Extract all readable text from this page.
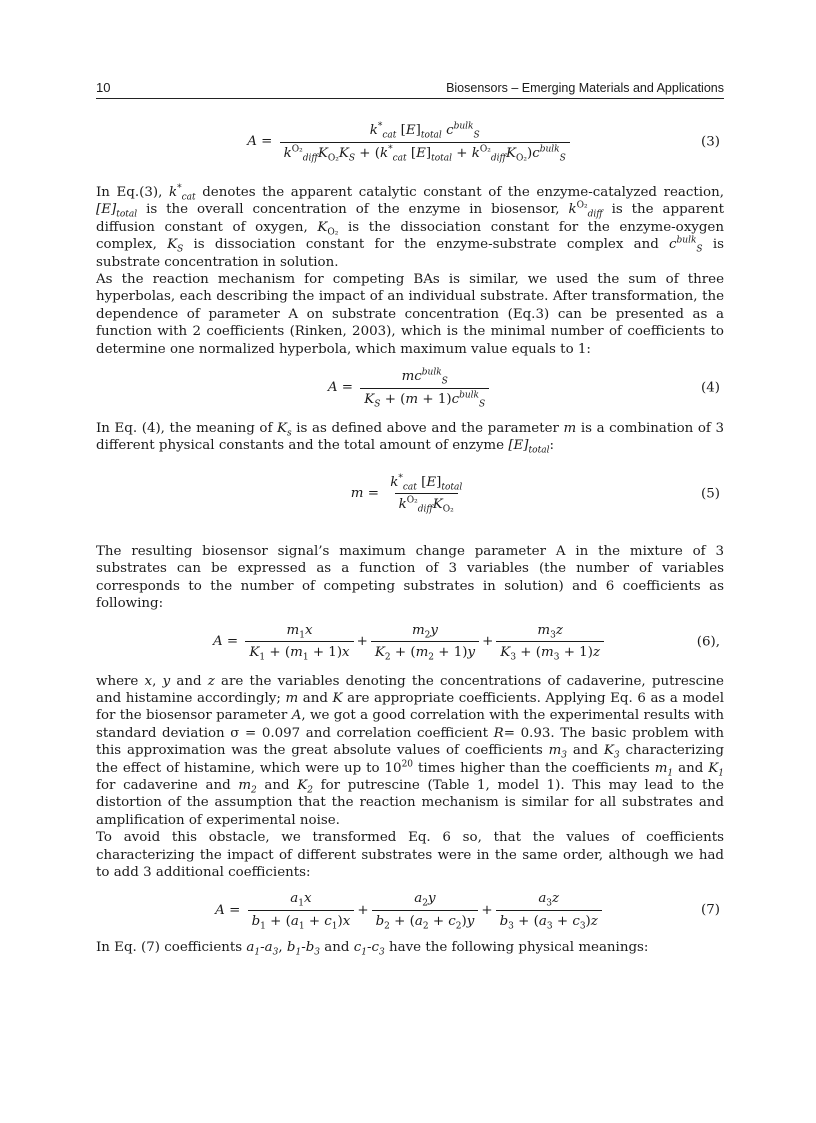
10	Biosensors – Emerging Materials and Applications
$A = \frac{k^*_{cat} [E]_{total} c^{bulk}_S}{k^{O_2}_{diff}K_{O_2}K_S + (k^*_{cat} [E]_{total} + k^{O_2}_{diff}K_{O_2})c^{bulk}_S}$	(3)

In Eq.(3), $k^*_{cat}$ denotes the apparent catalytic constant of the enzyme-catalyzed reaction, $[E]_{total}$ is the overall concentration of the enzyme in biosensor, $k^{O_2}_{diff}$ is the apparent diffusion constant of oxygen, $K_{O_2}$ is the dissociation constant for the enzyme-oxygen complex, $K_S$ is dissociation constant for the enzyme-substrate complex and $c^{bulk}_S$ is substrate concentration in solution.

As the reaction mechanism for competing BAs is similar, we used the sum of three hyperbolas, each describing the impact of an individual substrate. After transformation, the dependence of parameter A on substrate concentration (Eq.3) can be presented as a function with 2 coefficients (Rinken, 2003), which is the minimal number of coefficients to determine one normalized hyperbola, which maximum value equals to 1:

$A = \frac{mc^{bulk}_S}{K_S + (m + 1)c^{bulk}_S}$	(4)

In Eq. (4), the meaning of $K_s$ is as defined above and the parameter m is a combination of 3 different physical constants and the total amount of enzyme $[E]_{total}$:

$m = \frac{k^*_{cat} [E]_{total}}{k^{O_2}_{diff}K_{O_2}}$	(5)

The resulting biosensor signal’s maximum change parameter A in the mixture of 3 substrates can be expressed as a function of 3 variables (the number of variables corresponds to the number of competing substrates in solution) and 6 coefficients as following:

$A = \frac{m_1x}{K_1 + (m_1 + 1)x} + \frac{m_2y}{K_2 + (m_2 + 1)y} + \frac{m_3z}{K_3 + (m_3 + 1)z}$	(6),

where x, y and z are the variables denoting the concentrations of cadaverine, putrescine and histamine accordingly; m and K are appropriate coefficients. Applying Eq. 6 as a model for the biosensor parameter A, we got a good correlation with the experimental results with standard deviation σ = 0.097 and correlation coefficient R= 0.93. The basic problem with this approximation was the great absolute values of coefficients $m_3$ and $K_3$ characterizing the effect of histamine, which were up to $10^{20}$ times higher than the coefficients $m_1$ and $K_1$ for cadaverine and $m_2$ and $K_2$ for putrescine (Table 1, model 1). This may lead to the distortion of the assumption that the reaction mechanism is similar for all substrates and amplification of experimental noise.

To avoid this obstacle, we transformed Eq. 6 so, that the values of coefficients characterizing the impact of different substrates were in the same order, although we had to add 3 additional coefficients:

$A = \frac{a_1x}{b_1 + (a_1 + c_1)x} + \frac{a_2y}{b_2 + (a_2 + c_2)y} + \frac{a_3z}{b_3 + (a_3 + c_3)z}$	(7)

In Eq. (7) coefficients $a_1-a_3$, $b_1-b_3$ and $c_1-c_3$ have the following physical meanings:
